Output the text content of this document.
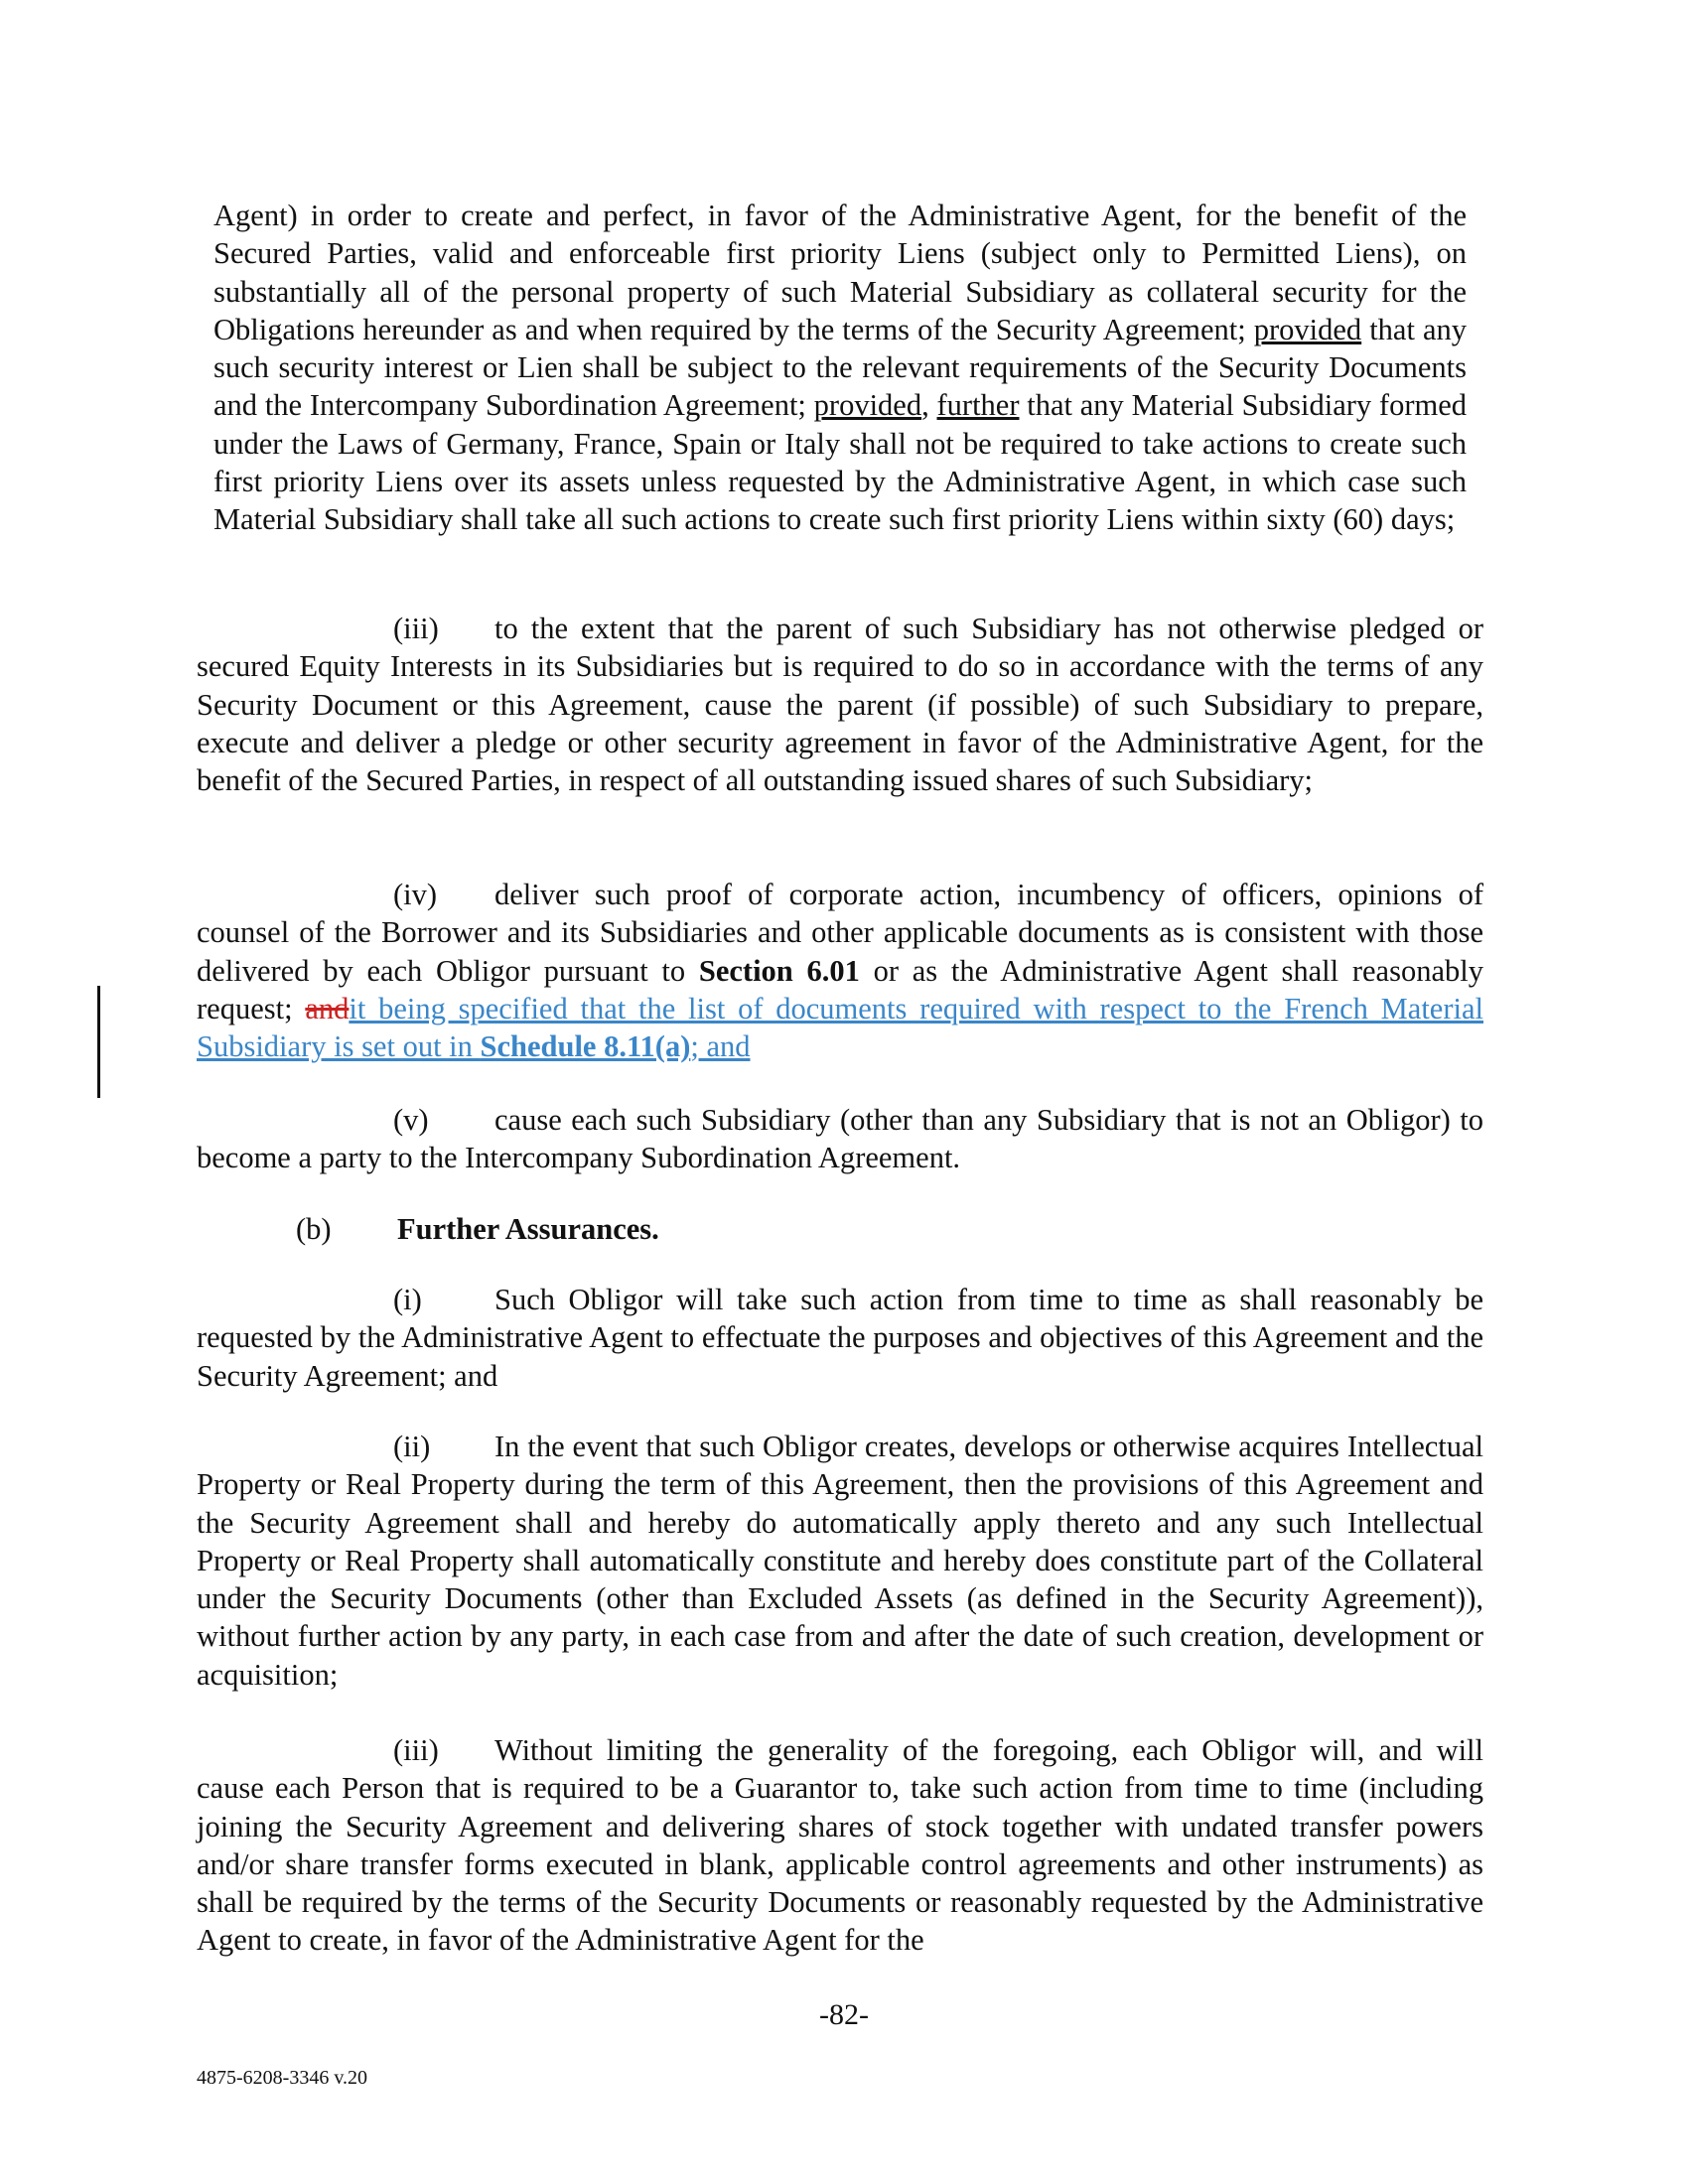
Agent) in order to create and perfect, in favor of the Administrative Agent, for the benefit of the Secured Parties, valid and enforceable first priority Liens (subject only to Permitted Liens), on substantially all of the personal property of such Material Subsidiary as collateral security for the Obligations hereunder as and when required by the terms of the Security Agreement; provided that any such security interest or Lien shall be subject to the relevant requirements of the Security Documents and the Intercompany Subordination Agreement; provided, further that any Material Subsidiary formed under the Laws of Germany, France, Spain or Italy shall not be required to take actions to create such first priority Liens over its assets unless requested by the Administrative Agent, in which case such Material Subsidiary shall take all such actions to create such first priority Liens within sixty (60) days;

(iii) to the extent that the parent of such Subsidiary has not otherwise pledged or secured Equity Interests in its Subsidiaries but is required to do so in accordance with the terms of any Security Document or this Agreement, cause the parent (if possible) of such Subsidiary to prepare, execute and deliver a pledge or other security agreement in favor of the Administrative Agent, for the benefit of the Secured Parties, in respect of all outstanding issued shares of such Subsidiary;

(iv) deliver such proof of corporate action, incumbency of officers, opinions of counsel of the Borrower and its Subsidiaries and other applicable documents as is consistent with those delivered by each Obligor pursuant to Section 6.01 or as the Administrative Agent shall reasonably request; andit being specified that the list of documents required with respect to the French Material Subsidiary is set out in Schedule 8.11(a); and

(v) cause each such Subsidiary (other than any Subsidiary that is not an Obligor) to become a party to the Intercompany Subordination Agreement.

(b) Further Assurances.

(i) Such Obligor will take such action from time to time as shall reasonably be requested by the Administrative Agent to effectuate the purposes and objectives of this Agreement and the Security Agreement; and

(ii) In the event that such Obligor creates, develops or otherwise acquires Intellectual Property or Real Property during the term of this Agreement, then the provisions of this Agreement and the Security Agreement shall and hereby do automatically apply thereto and any such Intellectual Property or Real Property shall automatically constitute and hereby does constitute part of the Collateral under the Security Documents (other than Excluded Assets (as defined in the Security Agreement)), without further action by any party, in each case from and after the date of such creation, development or acquisition;

(iii) Without limiting the generality of the foregoing, each Obligor will, and will cause each Person that is required to be a Guarantor to, take such action from time to time (including joining the Security Agreement and delivering shares of stock together with undated transfer powers and/or share transfer forms executed in blank, applicable control agreements and other instruments) as shall be required by the terms of the Security Documents or reasonably requested by the Administrative Agent to create, in favor of the Administrative Agent for the

-82-
4875-6208-3346 v.20
